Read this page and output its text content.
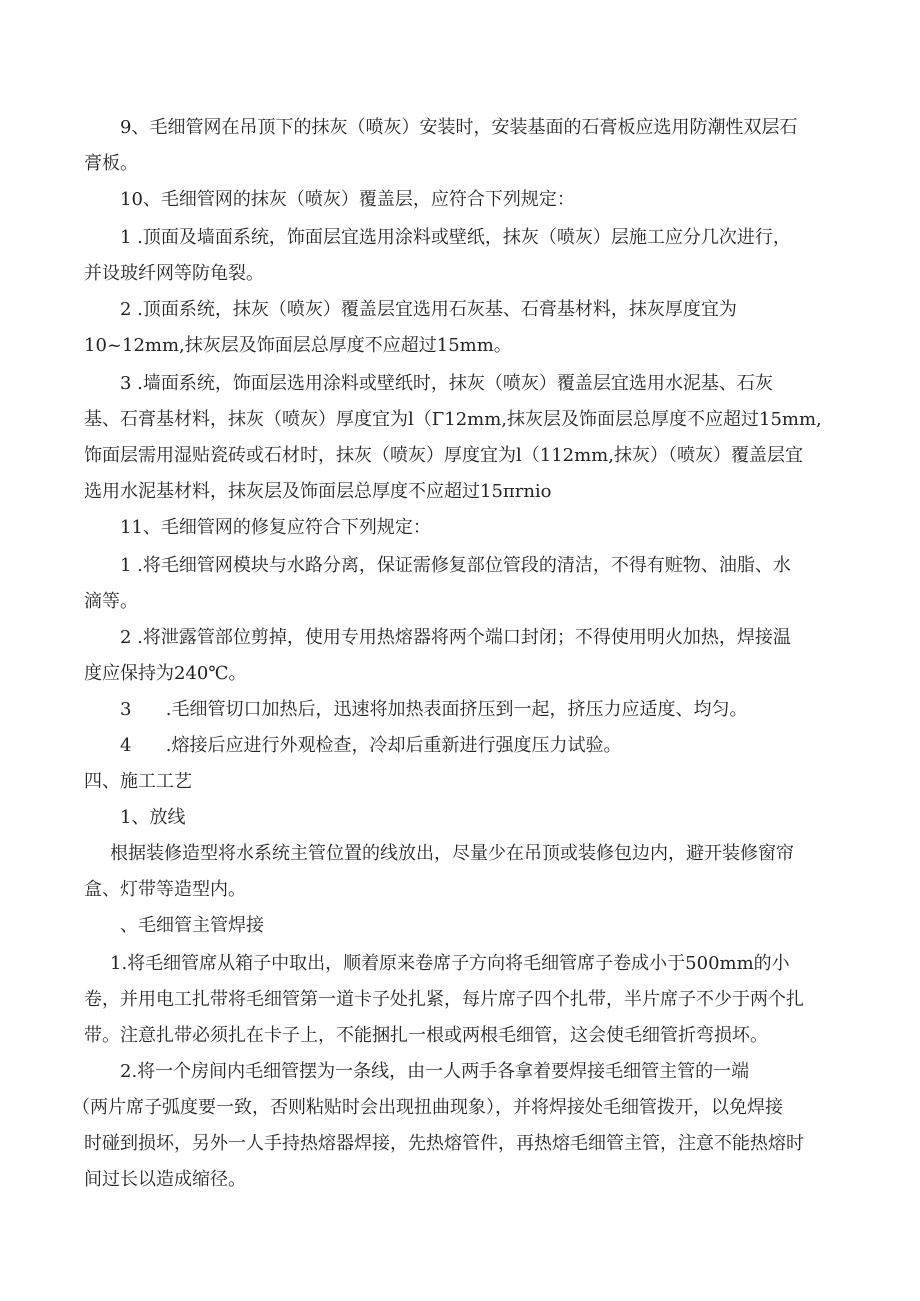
9、毛细管网在吊顶下的抹灰（喷灰）安装时，安装基面的石膏板应选用防潮性双层石
膏板。
10、毛细管网的抹灰（喷灰）覆盖层，应符合下列规定：
1 .顶面及墙面系统，饰面层宜选用涂料或壁纸，抹灰（喷灰）层施工应分几次进行，
并设玻纤网等防龟裂。
2 .顶面系统，抹灰（喷灰）覆盖层宜选用石灰基、石膏基材料，抹灰厚度宜为
10~12mm,抹灰层及饰面层总厚度不应超过15mm。
3 .墙面系统，饰面层选用涂料或壁纸时，抹灰（喷灰）覆盖层宜选用水泥基、石灰
基、石膏基材料，抹灰（喷灰）厚度宜为l（Γ12mm,抹灰层及饰面层总厚度不应超过15mm,
饰面层需用湿贴瓷砖或石材时，抹灰（喷灰）厚度宜为l（112mm,抹灰）（喷灰）覆盖层宜
选用水泥基材料，抹灰层及饰面层总厚度不应超过15πrnio
11、毛细管网的修复应符合下列规定：
1 .将毛细管网模块与水路分离，保证需修复部位管段的清洁，不得有赃物、油脂、水
滴等。
2 .将泄露管部位剪掉，使用专用热熔器将两个端口封闭；不得使用明火加热，焊接温
度应保持为240℃。
3	.毛细管切口加热后，迅速将加热表面挤压到一起，挤压力应适度、均匀。
4	.熔接后应进行外观检查，冷却后重新进行强度压力试验。
四、施工工艺
1、放线
根据装修造型将水系统主管位置的线放出，尽量少在吊顶或装修包边内，避开装修窗帘
盒、灯带等造型内。
、毛细管主管焊接
1.将毛细管席从箱子中取出，顺着原来卷席子方向将毛细管席子卷成小于500mm的小
卷，并用电工扎带将毛细管第一道卡子处扎紧，每片席子四个扎带，半片席子不少于两个扎
带。注意扎带必须扎在卡子上，不能捆扎一根或两根毛细管，这会使毛细管折弯损坏。
2.将一个房间内毛细管摆为一条线，由一人两手各拿着要焊接毛细管主管的一端
（两片席子弧度要一致，否则粘贴时会出现扭曲现象），并将焊接处毛细管拨开，以免焊接
时碰到损坏，另外一人手持热熔器焊接，先热熔管件，再热熔毛细管主管，注意不能热熔时
间过长以造成缩径。
